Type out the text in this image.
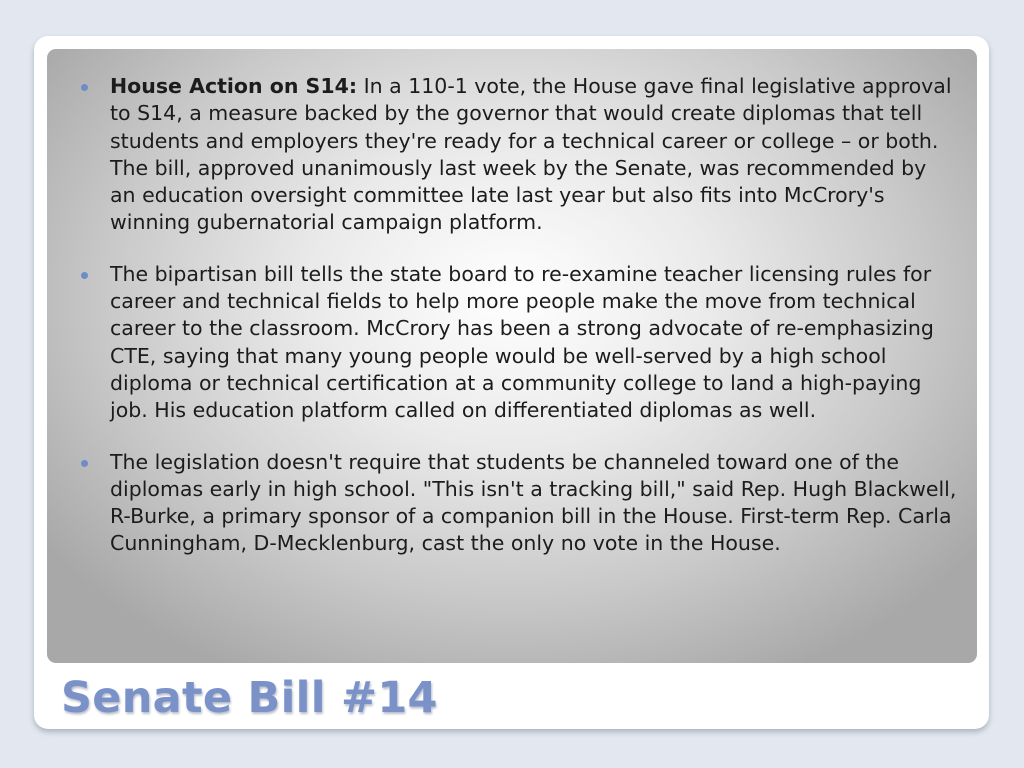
House Action on S14: In a 110-1 vote, the House gave final legislative approval to S14, a measure backed by the governor that would create diplomas that tell students and employers they're ready for a technical career or college – or both. The bill, approved unanimously last week by the Senate, was recommended by an education oversight committee late last year but also fits into McCrory's winning gubernatorial campaign platform.
The bipartisan bill tells the state board to re-examine teacher licensing rules for career and technical fields to help more people make the move from technical career to the classroom. McCrory has been a strong advocate of re-emphasizing CTE, saying that many young people would be well-served by a high school diploma or technical certification at a community college to land a high-paying job. His education platform called on differentiated diplomas as well.
The legislation doesn't require that students be channeled toward one of the diplomas early in high school. "This isn't a tracking bill," said Rep. Hugh Blackwell, R-Burke, a primary sponsor of a companion bill in the House. First-term Rep. Carla Cunningham, D-Mecklenburg, cast the only no vote in the House.
Senate Bill #14
